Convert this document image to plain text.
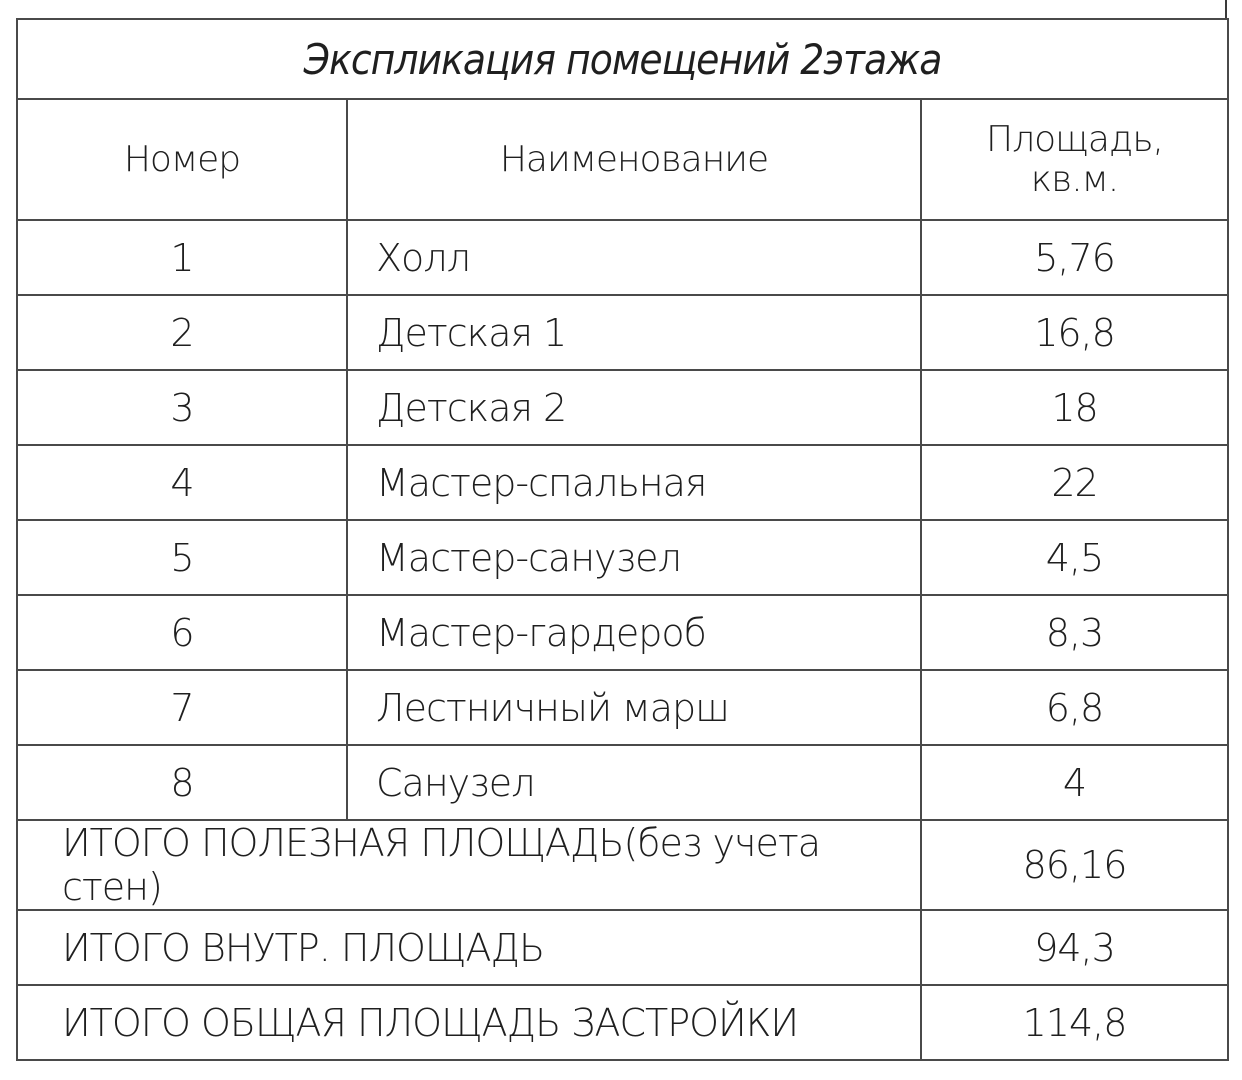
Экспликация помещений 2этажа		
Номер	Наименование	Площадь,
кв.м.

1	Холл	5,76
2	Детская 1	16,8
3	Детская 2	18
4	Мастер-спальная	22
5	Мастер-санузел	4,5
6	Мастер-гардероб	8,3
7	Лестничный марш	6,8
8	Санузел	4
ИТОГО ПОЛЕЗНАЯ ПЛОЩАДЬ(без учета стен)		86,16
ИТОГО ВНУТР. ПЛОЩАДЬ		94,3
ИТОГО ОБЩАЯ ПЛОЩАДЬ ЗАСТРОЙКИ		114,8
